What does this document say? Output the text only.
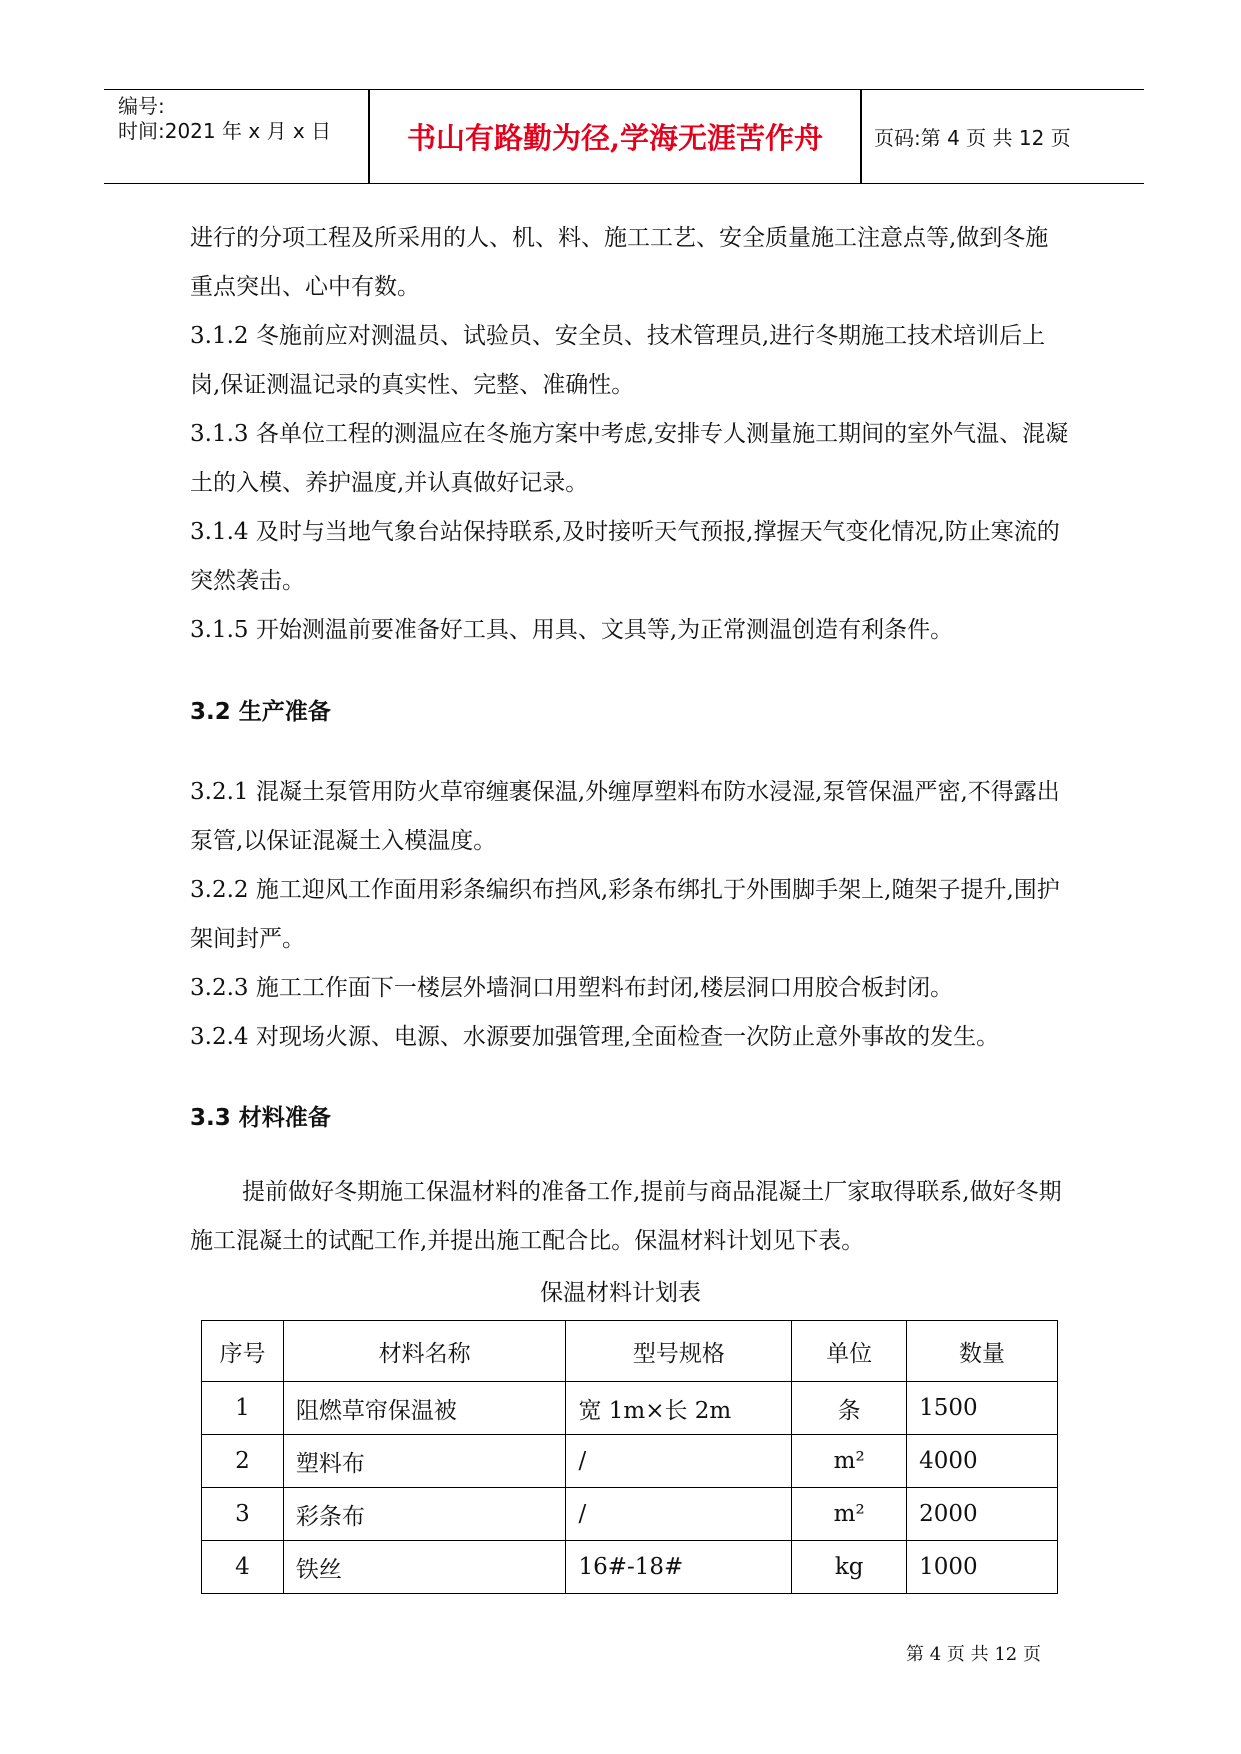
编号:
时间:2021 年 x 月 x 日	书山有路勤为径,学海无涯苦作舟	页码:第 4 页 共 12 页

进行的分项工程及所采用的人、机、料、施工工艺、安全质量施工注意点等,做到冬施重点突出、心中有数。

3.1.2 冬施前应对测温员、试验员、安全员、技术管理员,进行冬期施工技术培训后上岗,保证测温记录的真实性、完整、准确性。

3.1.3 各单位工程的测温应在冬施方案中考虑,安排专人测量施工期间的室外气温、混凝土的入模、养护温度,并认真做好记录。

3.1.4 及时与当地气象台站保持联系,及时接听天气预报,撑握天气变化情况,防止寒流的突然袭击。

3.1.5 开始测温前要准备好工具、用具、文具等,为正常测温创造有利条件。

3.2 生产准备

3.2.1 混凝土泵管用防火草帘缠裹保温,外缠厚塑料布防水浸湿,泵管保温严密,不得露出泵管,以保证混凝土入模温度。

3.2.2 施工迎风工作面用彩条编织布挡风,彩条布绑扎于外围脚手架上,随架子提升,围护架间封严。

3.2.3 施工工作面下一楼层外墙洞口用塑料布封闭,楼层洞口用胶合板封闭。

3.2.4 对现场火源、电源、水源要加强管理,全面检查一次防止意外事故的发生。

3.3 材料准备

提前做好冬期施工保温材料的准备工作,提前与商品混凝土厂家取得联系,做好冬期施工混凝土的试配工作,并提出施工配合比。保温材料计划见下表。

保温材料计划表
序号	材料名称	型号规格	单位	数量
1	阻燃草帘保温被	宽 1m×长 2m	条	1500
2	塑料布	/	m²	4000
3	彩条布	/	m²	2000
4	铁丝	16#-18#	kg	1000
第 4 页 共 12 页
